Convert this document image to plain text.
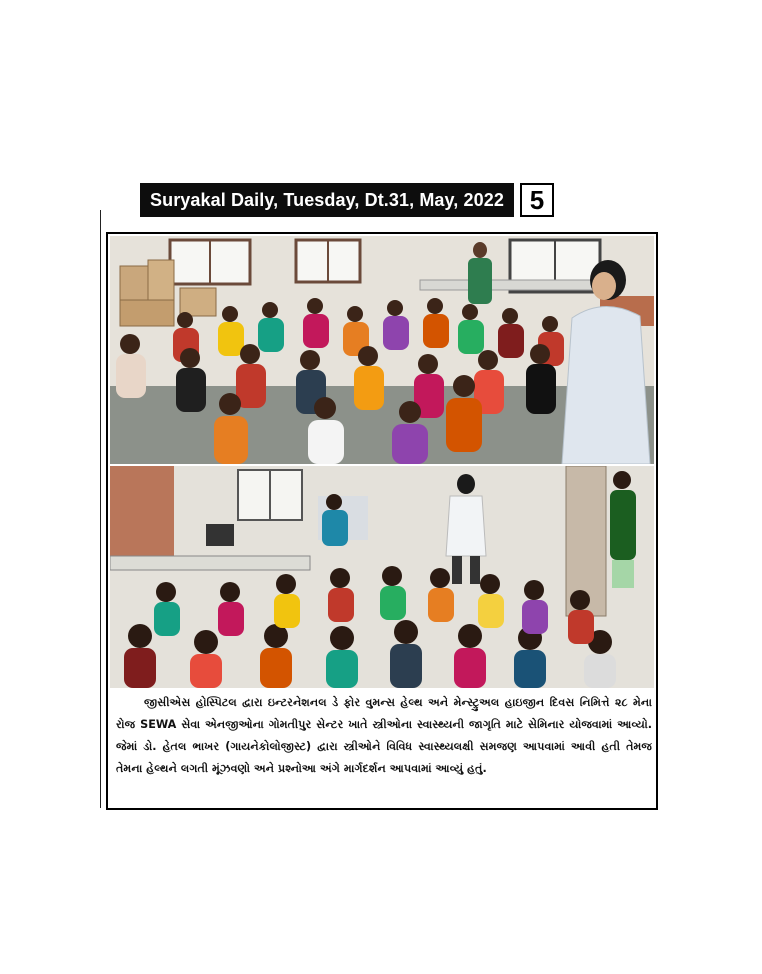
Suryakal Daily, Tuesday, Dt.31, May, 2022 5
જીસીએસ હોસ્પિટલ દ્વારા ઇન્ટરનેશનલ ડે ફોર વુમન્સ હેલ્થ અને મેન્સ્ટ્રુઅલ હાઇજીન દિવસ નિમિત્તે ૨૮ મેના રોજ SEWA સેવા એનજીઓના ગોમતીપુર સેન્ટર ખાતે સ્ત્રીઓના સ્વાસ્થ્યની જાગૃતિ માટે સેમિનાર યોજવામાં આવ્યો. જેમાં ડો. હેતલ ભાખર (ગાયનેકોલોજીસ્ટ) દ્વારા સ્ત્રીઓને વિવિધ સ્વાસ્થ્યલક્ષી સમજણ આપવામાં આવી હતી તેમજ તેમના હેલ્થને લગતી મૂંઝવણો અને પ્રશ્નોઆ અંગે માર્ગદર્શન આપવામાં આવ્યું હતું.
